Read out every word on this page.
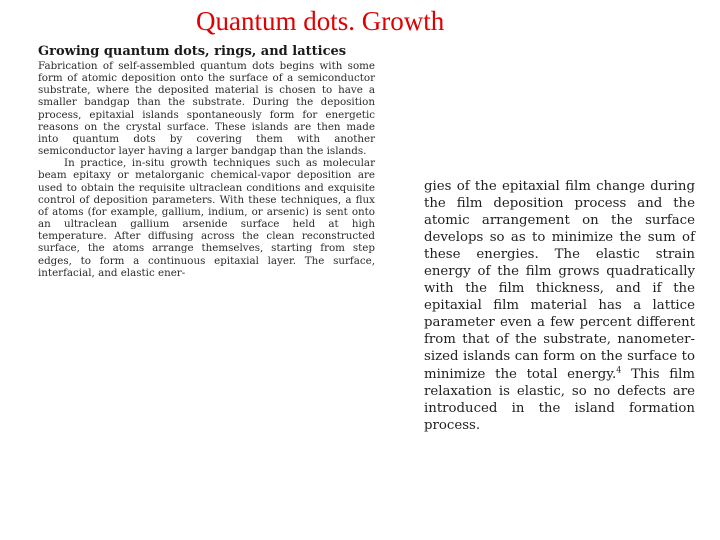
Quantum dots. Growth
Growing quantum dots, rings, and lattices

Fabrication of self-assembled quantum dots begins with some form of atomic deposition onto the surface of a semiconductor substrate, where the deposited material is chosen to have a smaller bandgap than the substrate. During the deposition process, epitaxial islands spontaneously form for energetic reasons on the crystal surface. These islands are then made into quantum dots by covering them with another semiconductor layer having a larger bandgap than the islands.

In practice, in-situ growth techniques such as molecular beam epitaxy or metalorganic chemical-vapor deposition are used to obtain the requisite ultraclean conditions and exquisite control of deposition parameters. With these techniques, a flux of atoms (for example, gallium, indium, or arsenic) is sent onto an ultraclean gallium arsenide surface held at high temperature. After diffusing across the clean reconstructed surface, the atoms arrange themselves, starting from step edges, to form a continuous epitaxial layer. The surface, interfacial, and elastic ener-

gies of the epitaxial film change during the film deposition process and the atomic arrangement on the surface develops so as to minimize the sum of these energies. The elastic strain energy of the film grows quadratically with the film thickness, and if the epitaxial film material has a lattice parameter even a few percent different from that of the substrate, nanometer-sized islands can form on the surface to minimize the total energy.$^4$ This film relaxation is elastic, so no defects are introduced in the island formation process.
